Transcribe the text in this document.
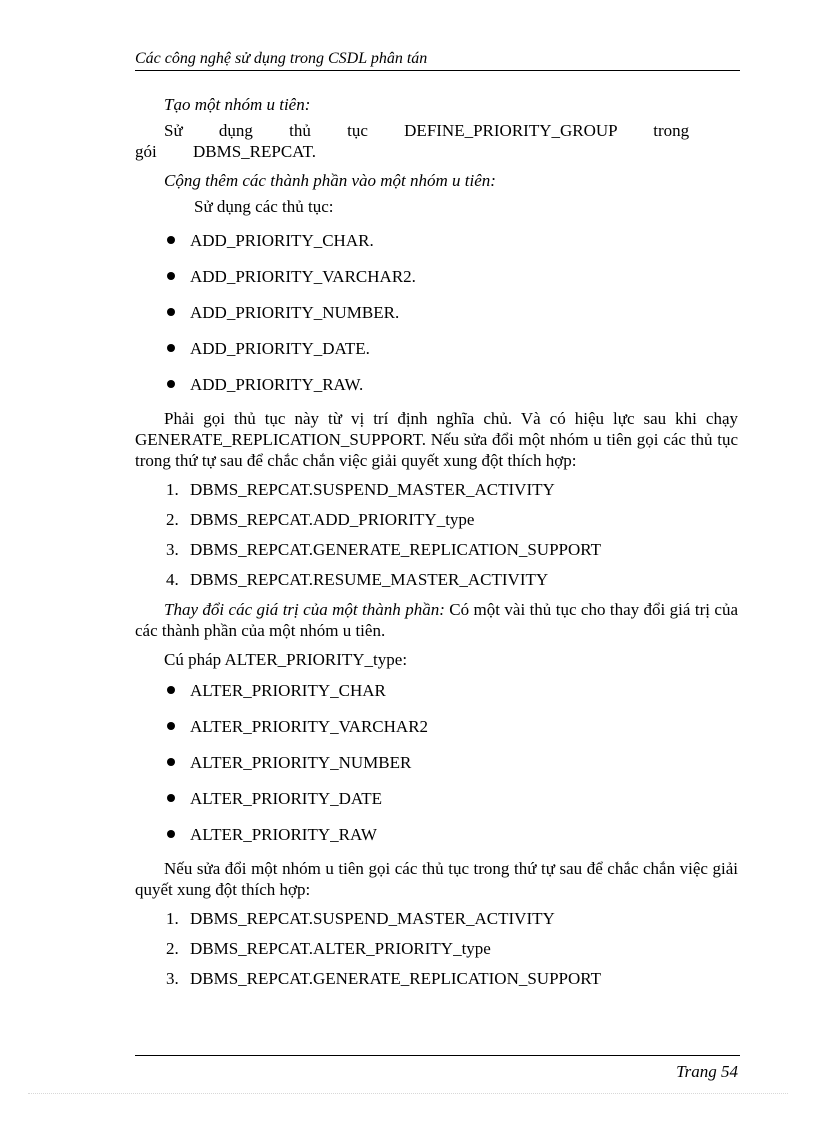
Các công nghệ sử dụng trong CSDL phân tán

Tạo một nhóm u tiên:

Sử dụng thủ tục DEFINE_PRIORITY_GROUP trong gói DBMS_REPCAT.

Cộng thêm các thành phần vào một nhóm u tiên:

Sử dụng các thủ tục:

ADD_PRIORITY_CHAR.
ADD_PRIORITY_VARCHAR2.
ADD_PRIORITY_NUMBER.
ADD_PRIORITY_DATE.
ADD_PRIORITY_RAW.

Phải gọi thủ tục này từ vị trí định nghĩa chủ. Và có hiệu lực sau khi chạy GENERATE_REPLICATION_SUPPORT. Nếu sửa đổi một nhóm u tiên gọi các thủ tục trong thứ tự sau để chắc chắn việc giải quyết xung đột thích hợp:

1. DBMS_REPCAT.SUSPEND_MASTER_ACTIVITY
2. DBMS_REPCAT.ADD_PRIORITY_type
3. DBMS_REPCAT.GENERATE_REPLICATION_SUPPORT
4. DBMS_REPCAT.RESUME_MASTER_ACTIVITY

Thay đổi các giá trị của một thành phần: Có một vài thủ tục cho thay đổi giá trị của các thành phần của một nhóm u tiên.

Cú pháp ALTER_PRIORITY_type:

ALTER_PRIORITY_CHAR
ALTER_PRIORITY_VARCHAR2
ALTER_PRIORITY_NUMBER
ALTER_PRIORITY_DATE
ALTER_PRIORITY_RAW

Nếu sửa đổi một nhóm u tiên gọi các thủ tục trong thứ tự sau để chắc chắn việc giải quyết xung đột thích hợp:

1. DBMS_REPCAT.SUSPEND_MASTER_ACTIVITY
2. DBMS_REPCAT.ALTER_PRIORITY_type
3. DBMS_REPCAT.GENERATE_REPLICATION_SUPPORT
Trang 54
